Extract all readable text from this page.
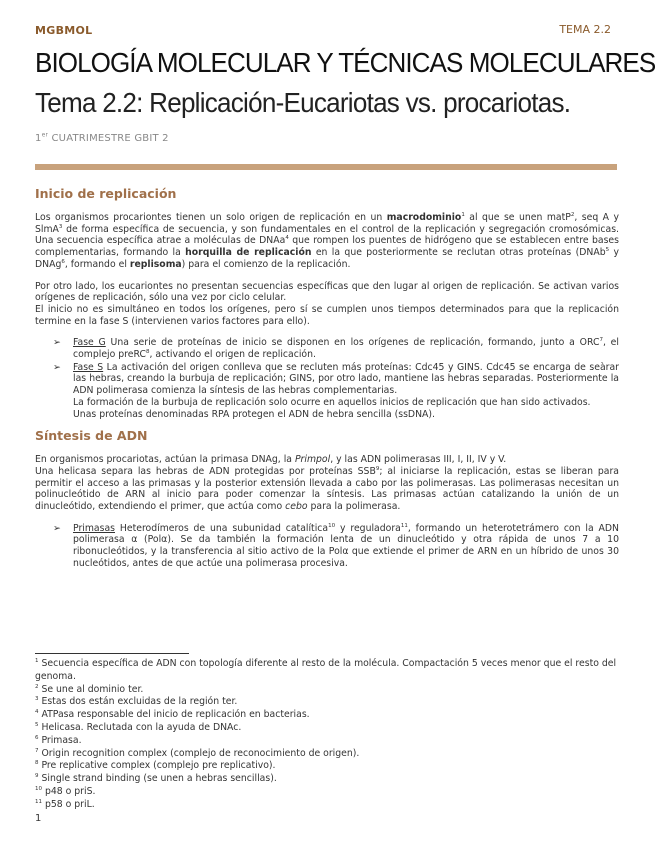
MGBMOL	TEMA 2.2
BIOLOGÍA MOLECULAR Y TÉCNICAS MOLECULARES
Tema 2.2: Replicación-Eucariotas vs. procariotas.
1er CUATRIMESTRE GBIT 2
Inicio de replicación

Los organismos procariontes tienen un solo origen de replicación en un macrodominio$^1$ al que se unen matP$^2$, seq A y SlmA$^3$ de forma específica de secuencia, y son fundamentales en el control de la replicación y segregación cromosómicas. Una secuencia específica atrae a moléculas de DNAa$^4$ que rompen los puentes de hidrógeno que se establecen entre bases complementarias, formando la horquilla de replicación en la que posteriormente se reclutan otras proteínas (DNAb$^5$ y DNAg$^6$, formando el replisoma) para el comienzo de la replicación.

Por otro lado, los eucariontes no presentan secuencias específicas que den lugar al origen de replicación. Se activan varios orígenes de replicación, sólo una vez por ciclo celular.

El inicio no es simultáneo en todos los orígenes, pero sí se cumplen unos tiempos determinados para que la replicación termine en la fase S (intervienen varios factores para ello).

➢ Fase G Una serie de proteínas de inicio se disponen en los orígenes de replicación, formando, junto a ORC$^7$, el complejo preRC$^8$, activando el origen de replicación.
➢ Fase S La activación del origen conlleva que se recluten más proteínas: Cdc45 y GINS. Cdc45 se encarga de seàrar las hebras, creando la burbuja de replicación; GINS, por otro lado, mantiene las hebras separadas. Posteriormente la ADN polimerasa comienza la síntesis de las hebras complementarias.
La formación de la burbuja de replicación solo ocurre en aquellos inicios de replicación que han sido activados.
Unas proteínas denominadas RPA protegen el ADN de hebra sencilla (ssDNA).
Síntesis de ADN

En organismos procariotas, actúan la primasa DNAg, la Primpol, y las ADN polimerasas III, I, II, IV y V.

Una helicasa separa las hebras de ADN protegidas por proteínas SSB$^9$; al iniciarse la replicación, estas se liberan para permitir el acceso a las primasas y la posterior extensión llevada a cabo por las polimerasas. Las polimerasas necesitan un polinucleótido de ARN al inicio para poder comenzar la síntesis. Las primasas actúan catalizando la unión de un dinucleótido, extendiendo el primer, que actúa como cebo para la polimerasa.

➢ Primasas Heterodímeros de una subunidad catalítica$^{10}$ y reguladora$^{11}$, formando un heterotetrámero con la ADN polimerasa α (Polα). Se da también la formación lenta de un dinucleótido y otra rápida de unos 7 a 10 ribonucleótidos, y la transferencia al sitio activo de la Polα que extiende el primer de ARN en un híbrido de unos 30 nucleótidos, antes de que actúe una polimerasa procesiva.
$^1$ Secuencia específica de ADN con topología diferente al resto de la molécula. Compactación 5 veces menor que el resto del genoma.
$^2$ Se une al dominio ter.
$^3$ Estas dos están excluidas de la región ter.
$^4$ ATPasa responsable del inicio de replicación en bacterias.
$^5$ Helicasa. Reclutada con la ayuda de DNAc.
$^6$ Primasa.
$^7$ Origin recognition complex (complejo de reconocimiento de origen).
$^8$ Pre replicative complex (complejo pre replicativo).
$^9$ Single strand binding (se unen a hebras sencillas).
$^{10}$ p48 o priS.
$^{11}$ p58 o priL.
1
